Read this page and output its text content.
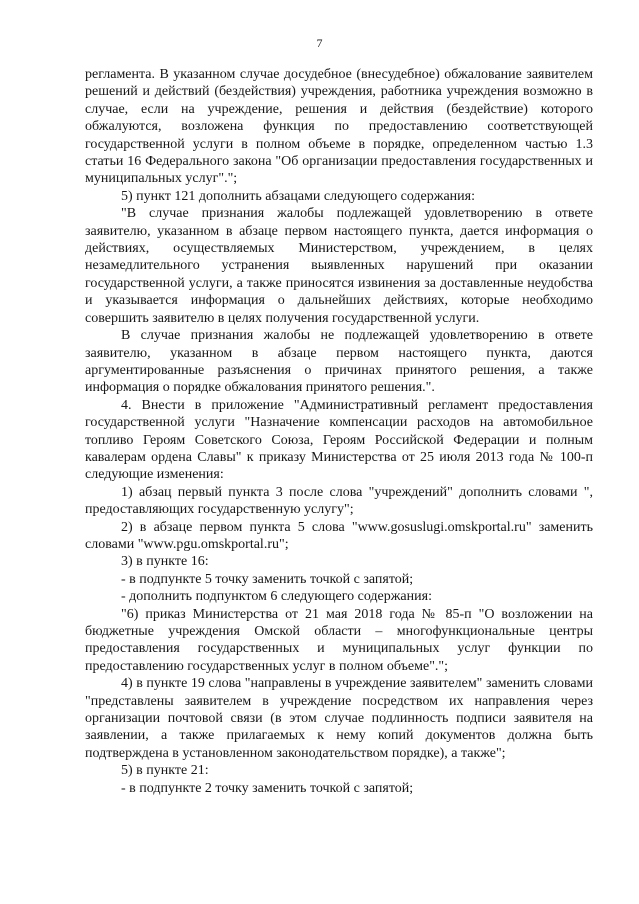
7

регламента. В указанном случае досудебное (внесудебное) обжалование заявителем решений и действий (бездействия) учреждения, работника учреждения возможно в случае, если на учреждение, решения и действия (бездействие) которого обжалуются, возложена функция по предоставлению соответствующей государственной услуги в полном объеме в порядке, определенном частью 1.3 статьи 16 Федерального закона "Об организации предоставления государственных и муниципальных услуг".";

5) пункт 121 дополнить абзацами следующего содержания:

"В случае признания жалобы подлежащей удовлетворению в ответе заявителю, указанном в абзаце первом настоящего пункта, дается информация о действиях, осуществляемых Министерством, учреждением, в целях незамедлительного устранения выявленных нарушений при оказании государственной услуги, а также приносятся извинения за доставленные неудобства и указывается информация о дальнейших действиях, которые необходимо совершить заявителю в целях получения государственной услуги.

В случае признания жалобы не подлежащей удовлетворению в ответе заявителю, указанном в абзаце первом настоящего пункта, даются аргументированные разъяснения о причинах принятого решения, а также информация о порядке обжалования принятого решения.".

4. Внести в приложение "Административный регламент предоставления государственной услуги "Назначение компенсации расходов на автомобильное топливо Героям Советского Союза, Героям Российской Федерации и полным кавалерам ордена Славы" к приказу Министерства от 25 июля 2013 года № 100-п следующие изменения:

1) абзац первый пункта 3 после слова "учреждений" дополнить словами ", предоставляющих государственную услугу";

2) в абзаце первом пункта 5 слова "www.gosuslugi.omskportal.ru" заменить словами "www.pgu.omskportal.ru";

3) в пункте 16:

- в подпункте 5 точку заменить точкой с запятой;

- дополнить подпунктом 6 следующего содержания:

"6) приказ Министерства от 21 мая 2018 года № 85-п "О возложении на бюджетные учреждения Омской области – многофункциональные центры предоставления государственных и муниципальных услуг функции по предоставлению государственных услуг в полном объеме".";

4) в пункте 19 слова "направлены в учреждение заявителем" заменить словами "представлены заявителем в учреждение посредством их направления через организации почтовой связи (в этом случае подлинность подписи заявителя на заявлении, а также прилагаемых к нему копий документов должна быть подтверждена в установленном законодательством порядке), а также";

5) в пункте 21:

- в подпункте 2 точку заменить точкой с запятой;
